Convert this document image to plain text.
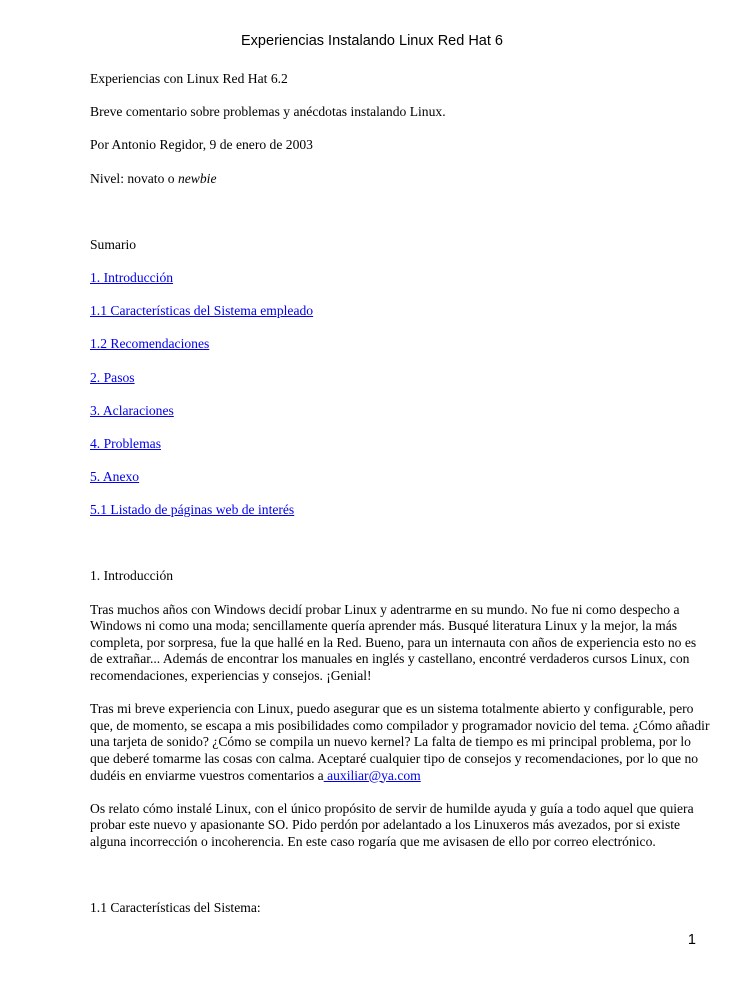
Experiencias Instalando Linux Red Hat 6

Experiencias con Linux Red Hat 6.2

Breve comentario sobre problemas y anécdotas instalando Linux.

Por Antonio Regidor, 9 de enero de 2003

Nivel: novato o newbie

Sumario

1. Introducción

1.1 Características del Sistema empleado

1.2 Recomendaciones

2. Pasos

3. Aclaraciones

4. Problemas

5. Anexo

5.1 Listado de páginas web de interés

1. Introducción

Tras muchos años con Windows decidí probar Linux y adentrarme en su mundo. No fue ni como despecho a Windows ni como una moda; sencillamente quería aprender más. Busqué literatura Linux y la mejor, la más completa, por sorpresa, fue la que hallé en la Red. Bueno, para un internauta con años de experiencia esto no es de extrañar... Además de encontrar los manuales en inglés y castellano, encontré verdaderos cursos Linux, con recomendaciones, experiencias y consejos. ¡Genial!

Tras mi breve experiencia con Linux, puedo asegurar que es un sistema totalmente abierto y configurable, pero que, de momento, se escapa a mis posibilidades como compilador y programador novicio del tema. ¿Cómo añadir una tarjeta de sonido? ¿Cómo se compila un nuevo kernel? La falta de tiempo es mi principal problema, por lo que deberé tomarme las cosas con calma. Aceptaré cualquier tipo de consejos y recomendaciones, por lo que no dudéis en enviarme vuestros comentarios a auxiliar@ya.com

Os relato cómo instalé Linux, con el único propósito de servir de humilde ayuda y guía a todo aquel que quiera probar este nuevo y apasionante SO. Pido perdón por adelantado a los Linuxeros más avezados, por si existe alguna incorrección o incoherencia. En este caso rogaría que me avisasen de ello por correo electrónico.

1.1 Características del Sistema:

1
